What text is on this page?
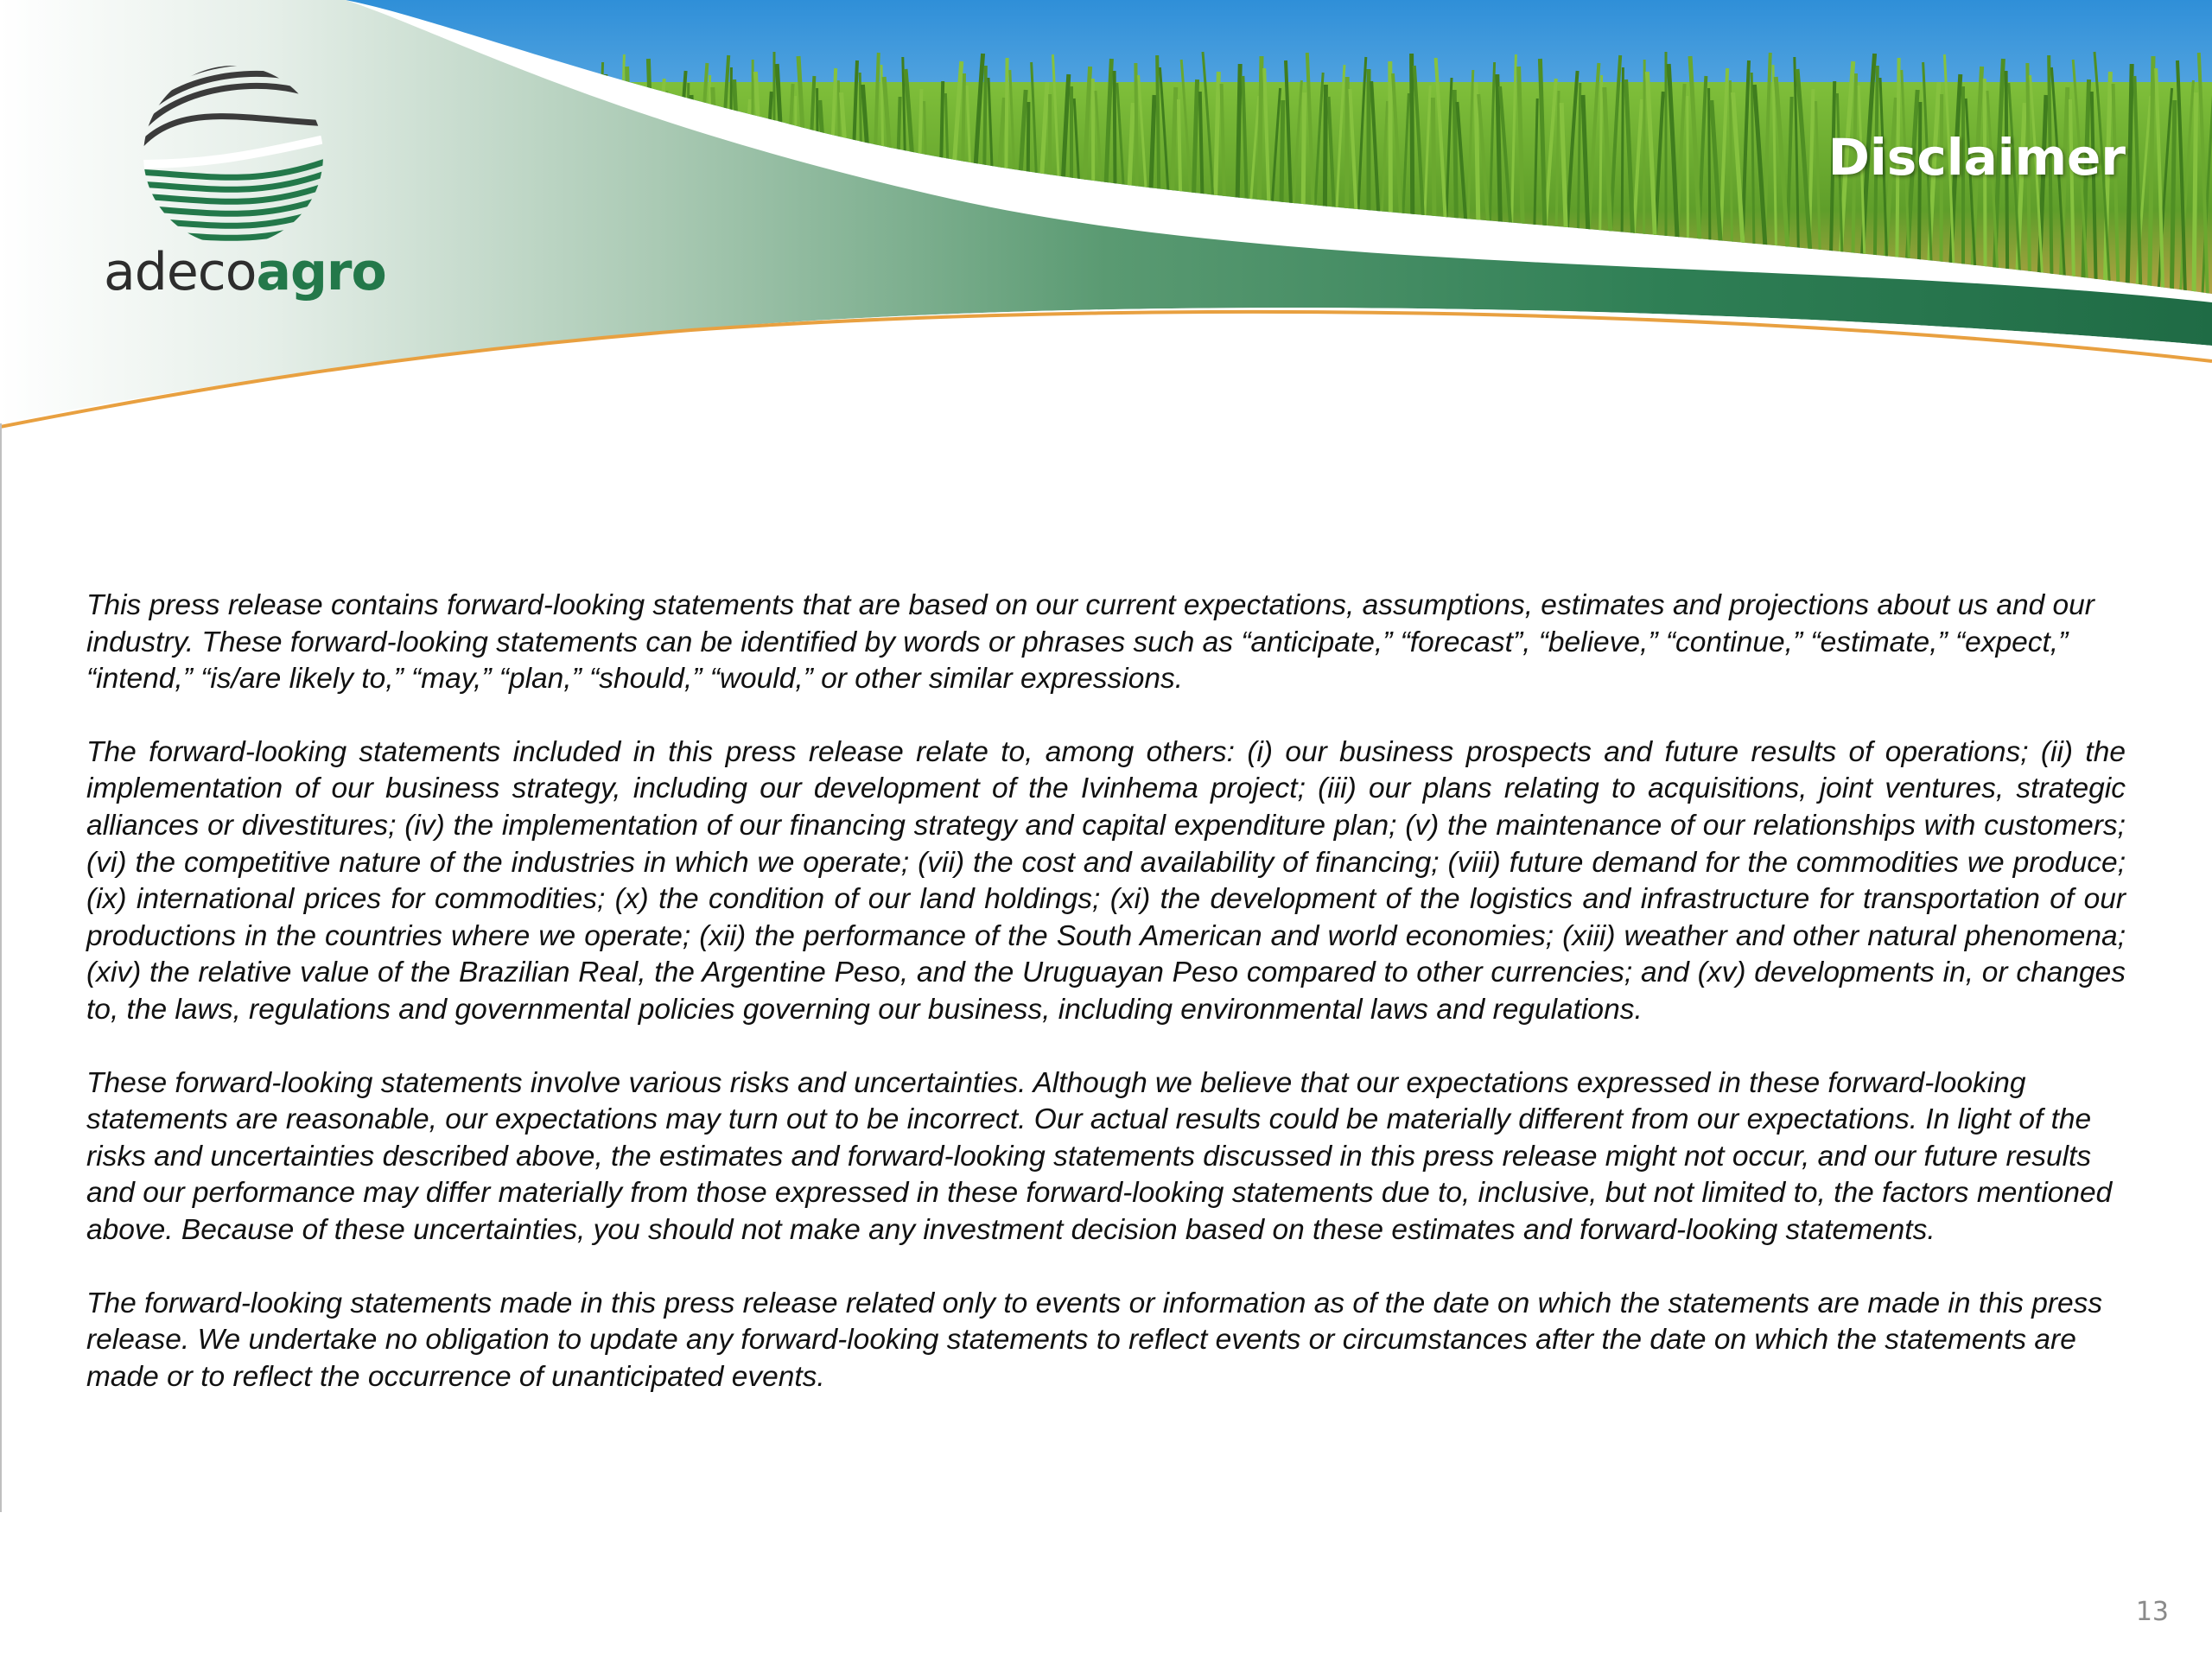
adecoagro
Disclaimer

This press release contains forward-looking statements that are based on our current expectations, assumptions, estimates and projections about us and our industry. These forward-looking statements can be identified by words or phrases such as “anticipate,” “forecast”, “believe,” “continue,” “estimate,” “expect,” “intend,” “is/are likely to,” “may,” “plan,” “should,” “would,” or other similar expressions.

The forward-looking statements included in this press release relate to, among others: (i) our business prospects and future results of operations; (ii) the implementation of our business strategy, including our development of the Ivinhema project; (iii) our plans relating to acquisitions, joint ventures, strategic alliances or divestitures; (iv) the implementation of our financing strategy and capital expenditure plan; (v) the maintenance of our relationships with customers; (vi) the competitive nature of the industries in which we operate; (vii) the cost and availability of financing; (viii) future demand for the commodities we produce; (ix) international prices for commodities; (x) the condition of our land holdings; (xi) the development of the logistics and infrastructure for transportation of our productions in the countries where we operate; (xii) the performance of the South American and world economies; (xiii) weather and other natural phenomena; (xiv) the relative value of the Brazilian Real, the Argentine Peso, and the Uruguayan Peso compared to other currencies; and (xv) developments in, or changes to, the laws, regulations and governmental policies governing our business, including environmental laws and regulations.

These forward-looking statements involve various risks and uncertainties. Although we believe that our expectations expressed in these forward-looking statements are reasonable, our expectations may turn out to be incorrect. Our actual results could be materially different from our expectations. In light of the risks and uncertainties described above, the estimates and forward-looking statements discussed in this press release might not occur, and our future results and our performance may differ materially from those expressed in these forward-looking statements due to, inclusive, but not limited to, the factors mentioned above. Because of these uncertainties, you should not make any investment decision based on these estimates and forward-looking statements.

The forward-looking statements made in this press release related only to events or information as of the date on which the statements are made in this press release. We undertake no obligation to update any forward-looking statements to reflect events or circumstances after the date on which the statements are made or to reflect the occurrence of unanticipated events.

13
